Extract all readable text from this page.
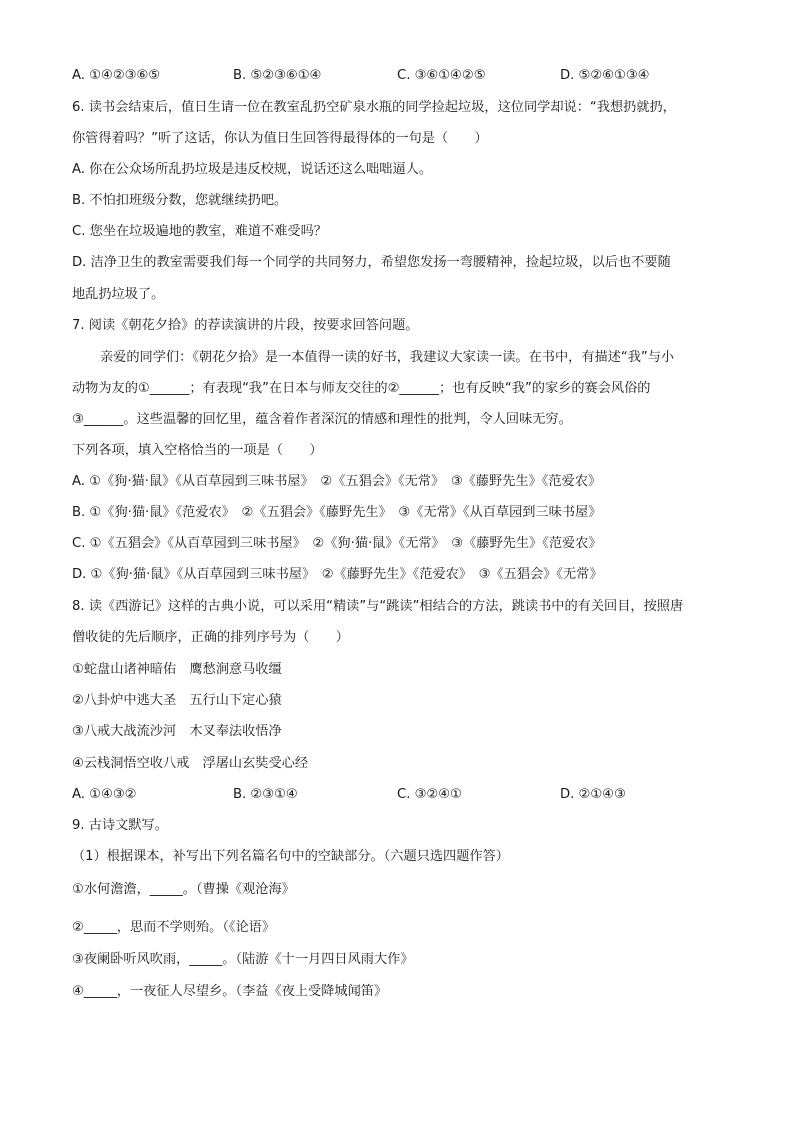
A. ①④②③⑥⑤	B. ⑤②③⑥①④	C. ③⑥①④②⑤	D. ⑤②⑥①③④
6. 读书会结束后，值日生请一位在教室乱扔空矿泉水瓶的同学捡起垃圾，这位同学却说：“我想扔就扔，
你管得着吗？”听了这话，你认为值日生回答得最得体的一句是（　　）
A. 你在公众场所乱扔垃圾是违反校规，说话还这么咄咄逼人。
B. 不怕扣班级分数，您就继续扔吧。
C. 您坐在垃圾遍地的教室，难道不难受吗？
D. 洁净卫生的教室需要我们每一个同学的共同努力，希望您发扬一弯腰精神，捡起垃圾，以后也不要随
地乱扔垃圾了。
7. 阅读《朝花夕拾》的荐读演讲的片段，按要求回答问题。
亲爱的同学们：《朝花夕拾》是一本值得一读的好书，我建议大家读一读。在书中，有描述“我”与小
动物为友的①______；有表现“我”在日本与师友交往的②______；也有反映“我”的家乡的赛会风俗的
③______。这些温馨的回忆里，蕴含着作者深沉的情感和理性的批判，令人回味无穷。
下列各项，填入空格恰当的一项是（　　）
A. ①《狗·猫·鼠》《从百草园到三味书屋》　②《五猖会》《无常》　③《藤野先生》《范爱农》
B. ①《狗·猫·鼠》《范爱农》　②《五猖会》《藤野先生》　③《无常》《从百草园到三味书屋》
C. ①《五猖会》《从百草园到三味书屋》　②《狗·猫·鼠》《无常》　③《藤野先生》《范爱农》
D. ①《狗·猫·鼠》《从百草园到三味书屋》　②《藤野先生》《范爱农》　③《五猖会》《无常》
8. 读《西游记》这样的古典小说，可以采用“精读”与“跳读”相结合的方法，跳读书中的有关回目，按照唐
僧收徒的先后顺序，正确的排列序号为（　　）
①蛇盘山诸神暗佑　鹰愁涧意马收缰
②八卦炉中逃大圣　五行山下定心猿
③八戒大战流沙河　木叉奉法收悟净
④云栈洞悟空收八戒　浮屠山玄奘受心经
A. ①④③②	B. ②③①④	C. ③②④①	D. ②①④③
9. 古诗文默写。
（1）根据课本，补写出下列名篇名句中的空缺部分。（六题只选四题作答）
①水何澹澹，_____。（曹操《观沧海》
②_____，思而不学则殆。（《论语》
③夜阑卧听风吹雨，_____。（陆游《十一月四日风雨大作》
④_____，一夜征人尽望乡。（李益《夜上受降城闻笛》
